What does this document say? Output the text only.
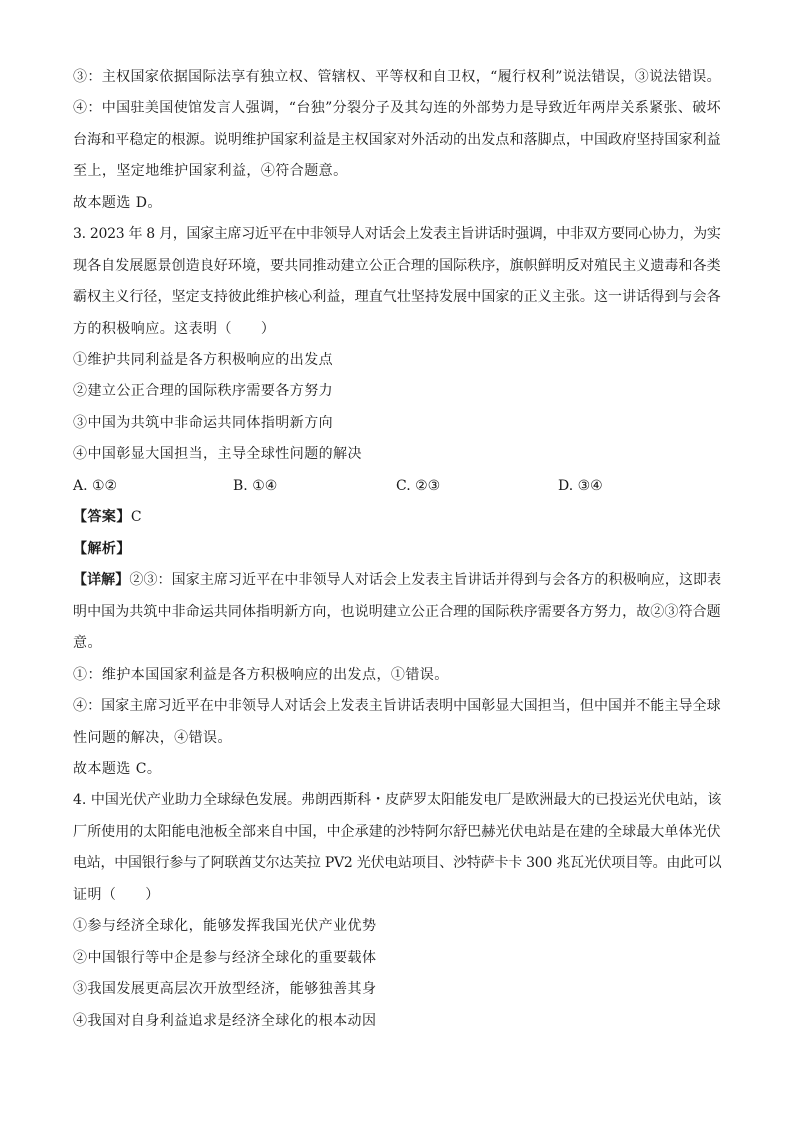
③：主权国家依据国际法享有独立权、管辖权、平等权和自卫权，“履行权利”说法错误，③说法错误。
④：中国驻美国使馆发言人强调，“台独”分裂分子及其勾连的外部势力是导致近年两岸关系紧张、破坏
台海和平稳定的根源。说明维护国家利益是主权国家对外活动的出发点和落脚点，中国政府坚持国家利益
至上，坚定地维护国家利益，④符合题意。
故本题选 D。
3. 2023 年 8 月，国家主席习近平在中非领导人对话会上发表主旨讲话时强调，中非双方要同心协力，为实
现各自发展愿景创造良好环境，要共同推动建立公正合理的国际秩序，旗帜鲜明反对殖民主义遗毒和各类
霸权主义行径，坚定支持彼此维护核心利益，理直气壮坚持发展中国家的正义主张。这一讲话得到与会各
方的积极响应。这表明（　　）
①维护共同利益是各方积极响应的出发点
②建立公正合理的国际秩序需要各方努力
③中国为共筑中非命运共同体指明新方向
④中国彰显大国担当，主导全球性问题的解决
A. ①②	B. ①④	C. ②③	D. ③④
【答案】C
【解析】
【详解】②③：国家主席习近平在中非领导人对话会上发表主旨讲话并得到与会各方的积极响应，这即表
明中国为共筑中非命运共同体指明新方向，也说明建立公正合理的国际秩序需要各方努力，故②③符合题
意。
①：维护本国国家利益是各方积极响应的出发点，①错误。
④：国家主席习近平在中非领导人对话会上发表主旨讲话表明中国彰显大国担当，但中国并不能主导全球
性问题的解决，④错误。
故本题选 C。
4. 中国光伏产业助力全球绿色发展。弗朗西斯科・皮萨罗太阳能发电厂是欧洲最大的已投运光伏电站，该
厂所使用的太阳能电池板全部来自中国，中企承建的沙特阿尔舒巴赫光伏电站是在建的全球最大单体光伏
电站，中国银行参与了阿联酋艾尔达芙拉 PV2 光伏电站项目、沙特萨卡卡 300 兆瓦光伏项目等。由此可以
证明（　　）
①参与经济全球化，能够发挥我国光伏产业优势
②中国银行等中企是参与经济全球化的重要载体
③我国发展更高层次开放型经济，能够独善其身
④我国对自身利益追求是经济全球化的根本动因
